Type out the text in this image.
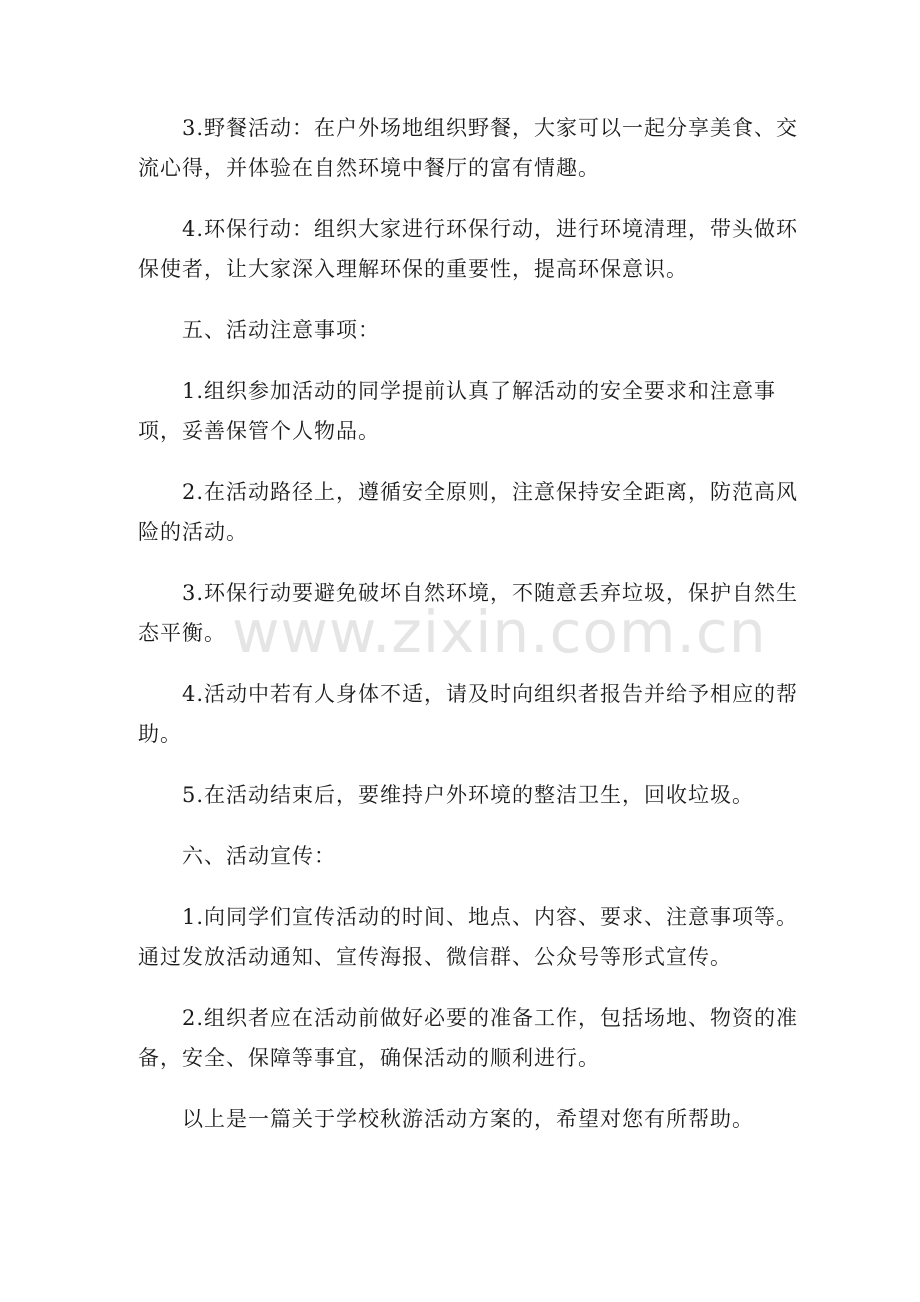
3.野餐活动：在户外场地组织野餐，大家可以一起分享美食、交流心得，并体验在自然环境中餐厅的富有情趣。

4.环保行动：组织大家进行环保行动，进行环境清理，带头做环保使者，让大家深入理解环保的重要性，提高环保意识。

五、活动注意事项：

1.组织参加活动的同学提前认真了解活动的安全要求和注意事项，妥善保管个人物品。

2.在活动路径上，遵循安全原则，注意保持安全距离，防范高风险的活动。

3.环保行动要避免破坏自然环境，不随意丢弃垃圾，保护自然生态平衡。

4.活动中若有人身体不适，请及时向组织者报告并给予相应的帮助。

5.在活动结束后，要维持户外环境的整洁卫生，回收垃圾。

六、活动宣传：

1.向同学们宣传活动的时间、地点、内容、要求、注意事项等。通过发放活动通知、宣传海报、微信群、公众号等形式宣传。

2.组织者应在活动前做好必要的准备工作，包括场地、物资的准备，安全、保障等事宜，确保活动的顺利进行。

以上是一篇关于学校秋游活动方案的，希望对您有所帮助。

www.zixin.com.cn
